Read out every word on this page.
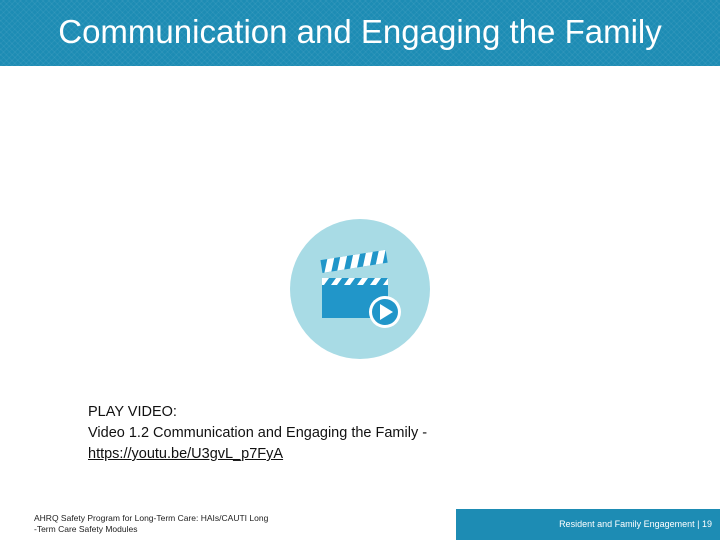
Communication and Engaging the Family
PLAY VIDEO:
Video 1.2 Communication and Engaging the Family -
https://youtu.be/U3gvL_p7FyA
AHRQ Safety Program for Long-Term Care: HAIs/CAUTI Long
-Term Care Safety Modules	Resident and Family Engagement | 19
